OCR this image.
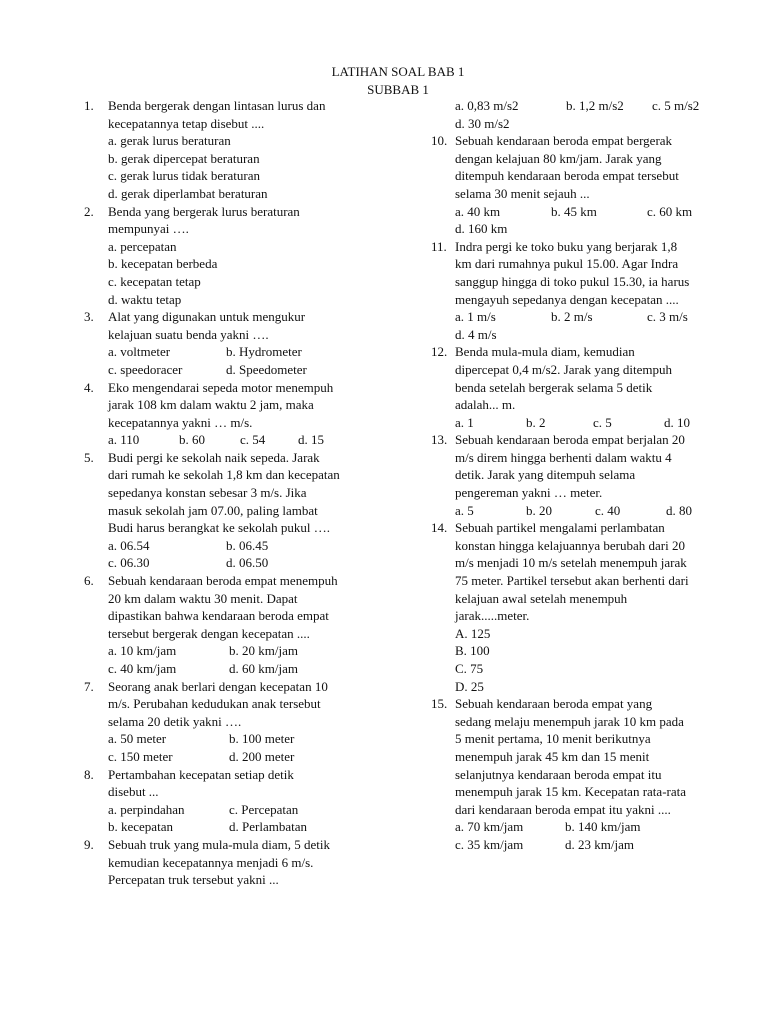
LATIHAN SOAL BAB 1
SUBBAB 1
1.	Benda bergerak dengan lintasan lurus dan
kecepatannya tetap disebut ....
a. gerak lurus beraturan
b. gerak dipercepat beraturan
c. gerak lurus tidak beraturan
d. gerak diperlambat beraturan
2.	Benda yang bergerak lurus beraturan
mempunyai ….
a. percepatan
b. kecepatan berbeda
c. kecepatan tetap
d. waktu tetap
3.	Alat yang digunakan untuk mengukur
kelajuan suatu benda yakni ….
a. voltmeter	b. Hydrometer
c. speedoracer	d. Speedometer
4.	Eko mengendarai sepeda motor menempuh
jarak 108 km dalam waktu 2 jam, maka
kecepatannya yakni … m/s.
a. 110	b. 60	c. 54	d. 15
5.	Budi pergi ke sekolah naik sepeda. Jarak
dari rumah ke sekolah 1,8 km dan kecepatan
sepedanya konstan sebesar 3 m/s. Jika
masuk sekolah jam 07.00, paling lambat
Budi harus berangkat ke sekolah pukul ….
a. 06.54	b. 06.45
c. 06.30	d. 06.50
6.	Sebuah kendaraan beroda empat menempuh
20 km dalam waktu 30 menit. Dapat
dipastikan bahwa kendaraan beroda empat
tersebut bergerak dengan kecepatan ....
a. 10 km/jam	b. 20 km/jam
c. 40 km/jam	d. 60 km/jam
7.	Seorang anak berlari dengan kecepatan 10
m/s. Perubahan kedudukan anak tersebut
selama 20 detik yakni ….
a. 50 meter	b. 100 meter
c. 150 meter	d. 200 meter
8.	Pertambahan kecepatan setiap detik
disebut ...
a. perpindahan	c. Percepatan
b. kecepatan	d. Perlambatan
9.	Sebuah truk yang mula-mula diam, 5 detik
kemudian kecepatannya menjadi 6 m/s.
Percepatan truk tersebut yakni ...
a. 0,83 m/s2	b. 1,2 m/s2	c. 5 m/s2
d. 30 m/s2
10. Sebuah kendaraan beroda empat bergerak
dengan kelajuan 80 km/jam. Jarak yang
ditempuh kendaraan beroda empat tersebut
selama 30 menit sejauh ...
a. 40 km	b. 45 km	c. 60 km
d. 160 km
11. Indra pergi ke toko buku yang berjarak 1,8
km dari rumahnya pukul 15.00. Agar Indra
sanggup hingga di toko pukul 15.30, ia harus
mengayuh sepedanya dengan kecepatan ....
a. 1 m/s	b. 2 m/s	c. 3 m/s
d. 4 m/s
12. Benda mula-mula diam, kemudian
dipercepat 0,4 m/s2. Jarak yang ditempuh
benda setelah bergerak selama 5 detik
adalah... m.
a. 1	b. 2	c. 5	d. 10
13. Sebuah kendaraan beroda empat berjalan 20
m/s direm hingga berhenti dalam waktu 4
detik. Jarak yang ditempuh selama
pengereman yakni … meter.
a. 5	b. 20	c. 40	d. 80
14. Sebuah partikel mengalami perlambatan
konstan hingga kelajuannya berubah dari 20
m/s menjadi 10 m/s setelah menempuh jarak
75 meter. Partikel tersebut akan berhenti dari
kelajuan awal setelah menempuh
jarak.....meter.
A. 125
B. 100
C. 75
D. 25
15. Sebuah kendaraan beroda empat yang
sedang melaju menempuh jarak 10 km pada
5 menit pertama, 10 menit berikutnya
menempuh jarak 45 km dan 15 menit
selanjutnya kendaraan beroda empat itu
menempuh jarak 15 km. Kecepatan rata-rata
dari kendaraan beroda empat itu yakni ....
a. 70 km/jam	b. 140 km/jam
c. 35 km/jam	d. 23 km/jam
